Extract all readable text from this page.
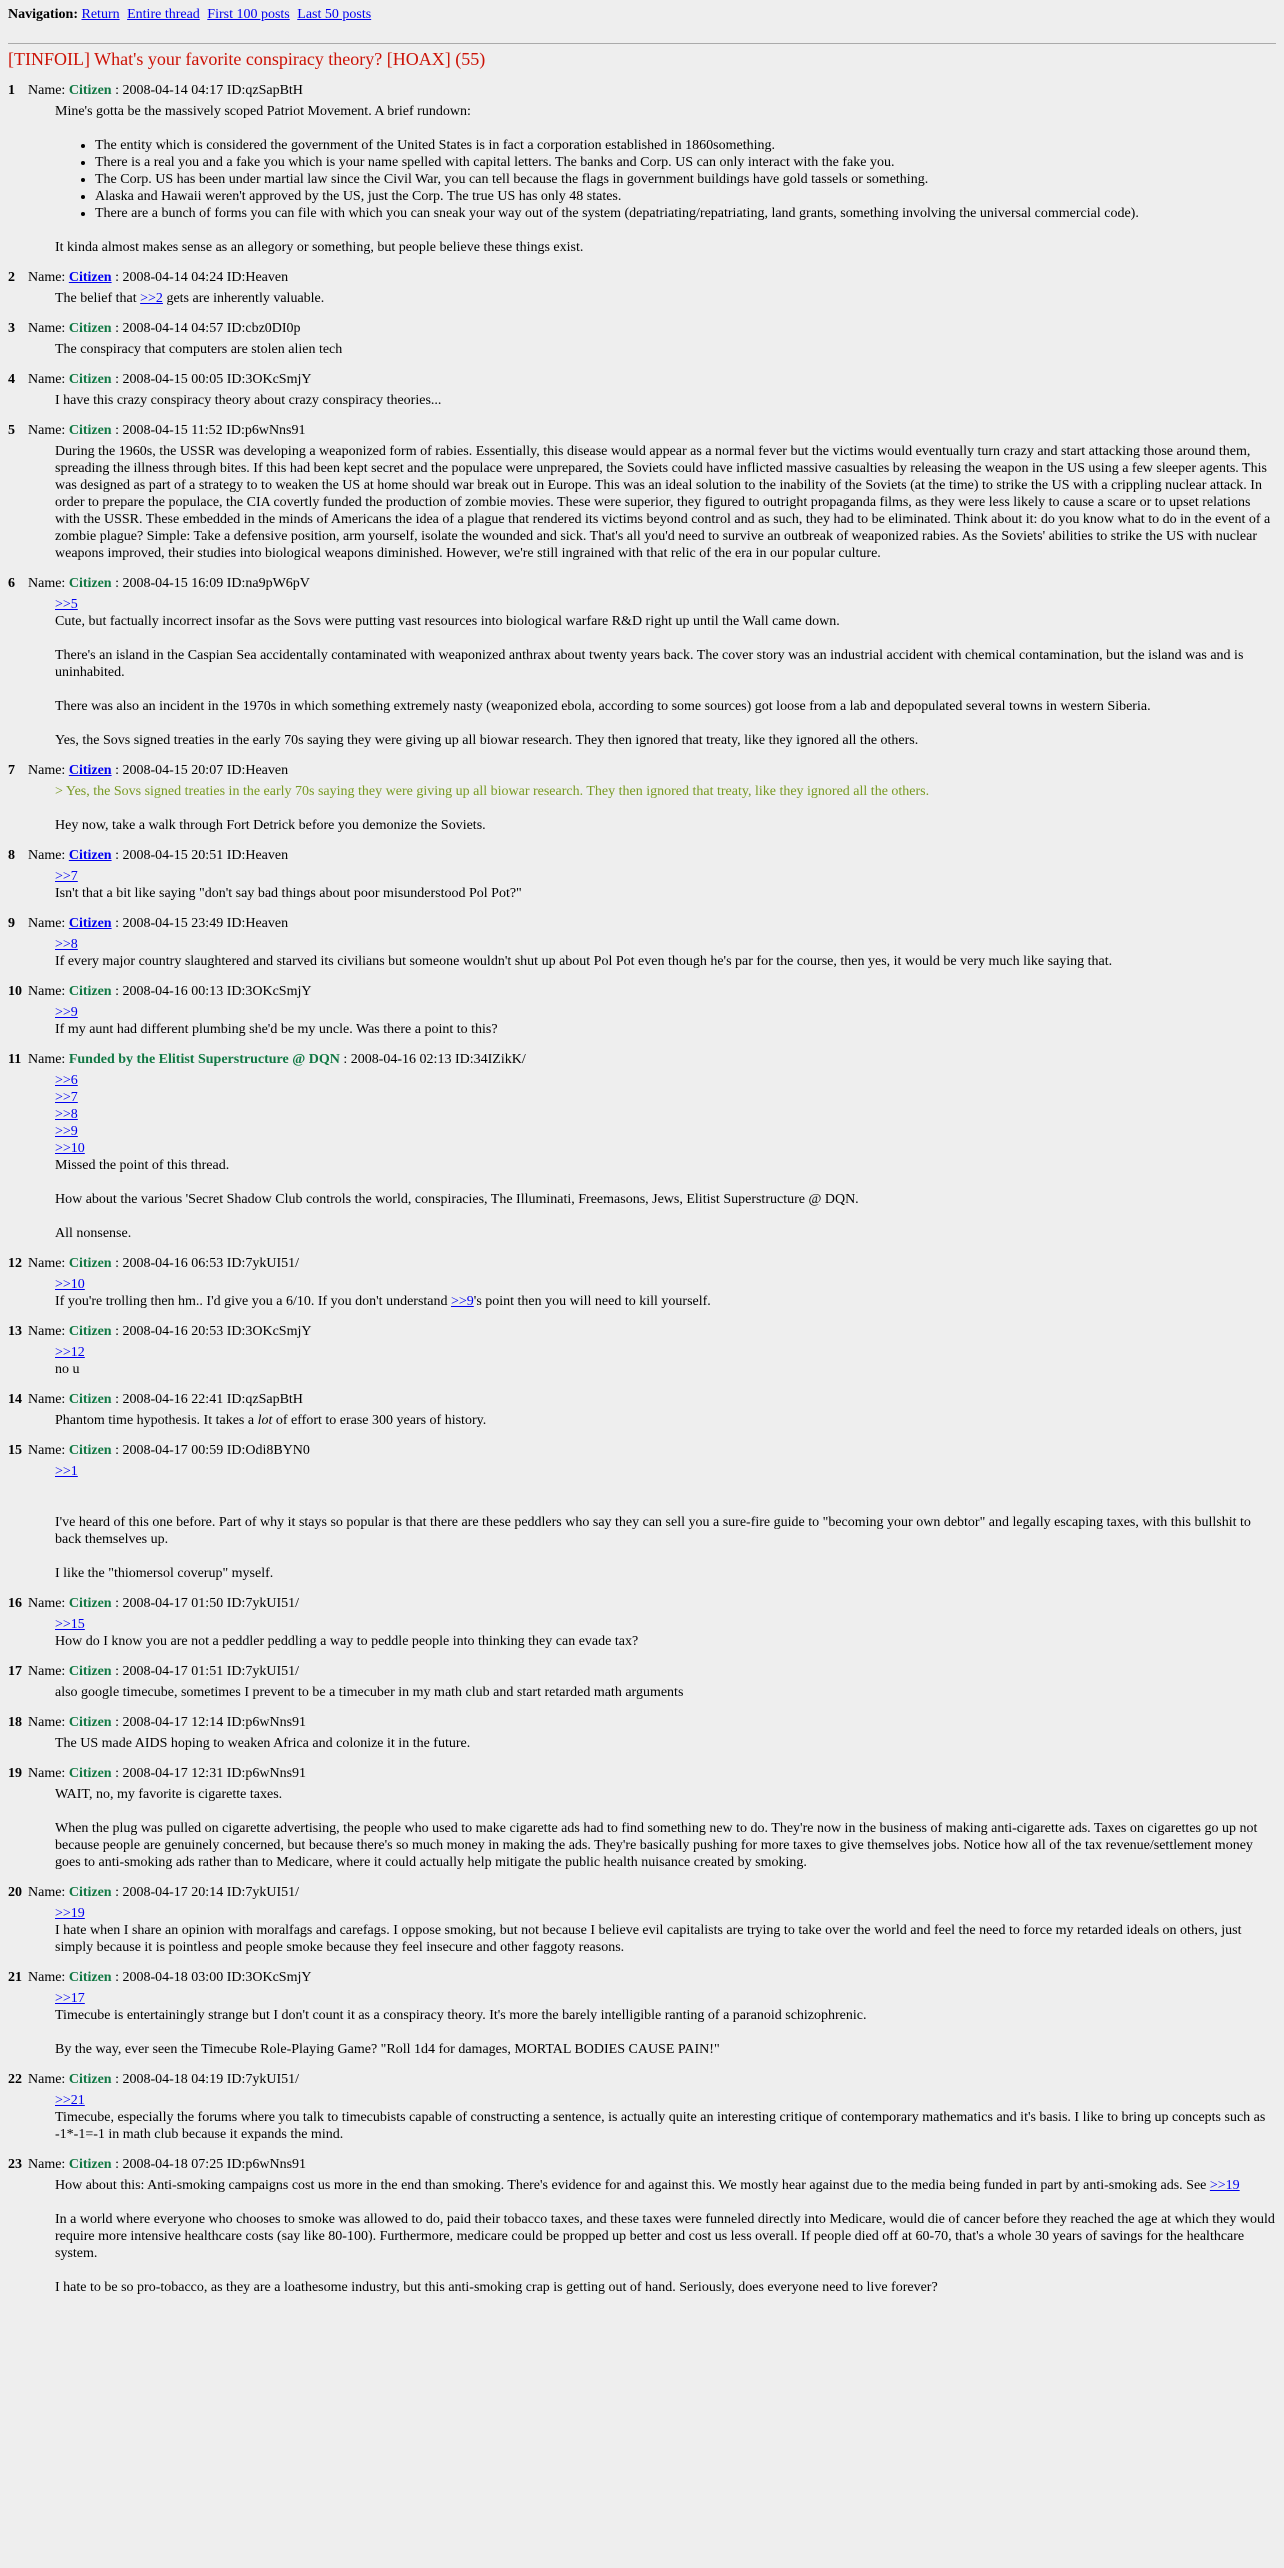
Navigation: Return Entire thread First 100 posts Last 50 posts
[TINFOIL] What's your favorite conspiracy theory? [HOAX] (55)
1 Name: Citizen : 2008-04-14 04:17 ID:qzSapBtH

Mine's gotta be the massively scoped Patriot Movement. A brief rundown:

• The entity which is considered the government of the United States is in fact a corporation established in 1860something.
• There is a real you and a fake you which is your name spelled with capital letters. The banks and Corp. US can only interact with the fake you.
• The Corp. US has been under martial law since the Civil War, you can tell because the flags in government buildings have gold tassels or something.
• Alaska and Hawaii weren't approved by the US, just the Corp. The true US has only 48 states.
• There are a bunch of forms you can file with which you can sneak your way out of the system (depatriating/repatriating, land grants, something involving the universal commercial code).

It kinda almost makes sense as an allegory or something, but people believe these things exist.

2 Name: Citizen : 2008-04-14 04:24 ID:Heaven

The belief that >>2 gets are inherently valuable.

3 Name: Citizen : 2008-04-14 04:57 ID:cbz0DI0p

The conspiracy that computers are stolen alien tech

4 Name: Citizen : 2008-04-15 00:05 ID:3OKcSmjY

I have this crazy conspiracy theory about crazy conspiracy theories...

5 Name: Citizen : 2008-04-15 11:52 ID:p6wNns91

During the 1960s, the USSR was developing a weaponized form of rabies. Essentially, this disease would appear as a normal fever but the victims would eventually turn crazy and start attacking those around them, spreading the illness through bites. If this had been kept secret and the populace were unprepared, the Soviets could have inflicted massive casualties by releasing the weapon in the US using a few sleeper agents. This was designed as part of a strategy to to weaken the US at home should war break out in Europe. This was an ideal solution to the inability of the Soviets (at the time) to strike the US with a crippling nuclear attack. In order to prepare the populace, the CIA covertly funded the production of zombie movies. These were superior, they figured to outright propaganda films, as they were less likely to cause a scare or to upset relations with the USSR. These embedded in the minds of Americans the idea of a plague that rendered its victims beyond control and as such, they had to be eliminated. Think about it: do you know what to do in the event of a zombie plague? Simple: Take a defensive position, arm yourself, isolate the wounded and sick. That's all you'd need to survive an outbreak of weaponized rabies. As the Soviets' abilities to strike the US with nuclear weapons improved, their studies into biological weapons diminished. However, we're still ingrained with that relic of the era in our popular culture.

6 Name: Citizen : 2008-04-15 16:09 ID:na9pW6pV
>>5

Cute, but factually incorrect insofar as the Sovs were putting vast resources into biological warfare R&D right up until the Wall came down.

There's an island in the Caspian Sea accidentally contaminated with weaponized anthrax about twenty years back. The cover story was an industrial accident with chemical contamination, but the island was and is uninhabited.

There was also an incident in the 1970s in which something extremely nasty (weaponized ebola, according to some sources) got loose from a lab and depopulated several towns in western Siberia.

Yes, the Sovs signed treaties in the early 70s saying they were giving up all biowar research. They then ignored that treaty, like they ignored all the others.

7 Name: Citizen : 2008-04-15 20:07 ID:Heaven

> Yes, the Sovs signed treaties in the early 70s saying they were giving up all biowar research. They then ignored that treaty, like they ignored all the others.

Hey now, take a walk through Fort Detrick before you demonize the Soviets.

8 Name: Citizen : 2008-04-15 20:51 ID:Heaven
>>7

Isn't that a bit like saying "don't say bad things about poor misunderstood Pol Pot?"

9 Name: Citizen : 2008-04-15 23:49 ID:Heaven
>>8

If every major country slaughtered and starved its civilians but someone wouldn't shut up about Pol Pot even though he's par for the course, then yes, it would be very much like saying that.

10 Name: Citizen : 2008-04-16 00:13 ID:3OKcSmjY
>>9

If my aunt had different plumbing she'd be my uncle. Was there a point to this?

11 Name: Funded by the Elitist Superstructure @ DQN : 2008-04-16 02:13 ID:34IZikK/
>>6
>>7
>>8
>>9
>>10

Missed the point of this thread.

How about the various 'Secret Shadow Club controls the world, conspiracies, The Illuminati, Freemasons, Jews, Elitist Superstructure @ DQN.

All nonsense.

12 Name: Citizen : 2008-04-16 06:53 ID:7ykUI51/
>>10

If you're trolling then hm.. I'd give you a 6/10. If you don't understand >>9's point then you will need to kill yourself.

13 Name: Citizen : 2008-04-16 20:53 ID:3OKcSmjY
>>12

no u

14 Name: Citizen : 2008-04-16 22:41 ID:qzSapBtH

Phantom time hypothesis. It takes a lot of effort to erase 300 years of history.

15 Name: Citizen : 2008-04-17 00:59 ID:Odi8BYN0
>>1

I've heard of this one before. Part of why it stays so popular is that there are these peddlers who say they can sell you a sure-fire guide to "becoming your own debtor" and legally escaping taxes, with this bullshit to back themselves up.

I like the "thiomersol coverup" myself.

16 Name: Citizen : 2008-04-17 01:50 ID:7ykUI51/
>>15

How do I know you are not a peddler peddling a way to peddle people into thinking they can evade tax?

17 Name: Citizen : 2008-04-17 01:51 ID:7ykUI51/

also google timecube, sometimes I prevent to be a timecuber in my math club and start retarded math arguments

18 Name: Citizen : 2008-04-17 12:14 ID:p6wNns91

The US made AIDS hoping to weaken Africa and colonize it in the future.

19 Name: Citizen : 2008-04-17 12:31 ID:p6wNns91

WAIT, no, my favorite is cigarette taxes.

When the plug was pulled on cigarette advertising, the people who used to make cigarette ads had to find something new to do. They're now in the business of making anti-cigarette ads. Taxes on cigarettes go up not because people are genuinely concerned, but because there's so much money in making the ads. They're basically pushing for more taxes to give themselves jobs. Notice how all of the tax revenue/settlement money goes to anti-smoking ads rather than to Medicare, where it could actually help mitigate the public health nuisance created by smoking.

20 Name: Citizen : 2008-04-17 20:14 ID:7ykUI51/
>>19

I hate when I share an opinion with moralfags and carefags. I oppose smoking, but not because I believe evil capitalists are trying to take over the world and feel the need to force my retarded ideals on others, just simply because it is pointless and people smoke because they feel insecure and other faggoty reasons.

21 Name: Citizen : 2008-04-18 03:00 ID:3OKcSmjY
>>17

Timecube is entertainingly strange but I don't count it as a conspiracy theory. It's more the barely intelligible ranting of a paranoid schizophrenic.

By the way, ever seen the Timecube Role-Playing Game? "Roll 1d4 for damages, MORTAL BODIES CAUSE PAIN!"

22 Name: Citizen : 2008-04-18 04:19 ID:7ykUI51/
>>21

Timecube, especially the forums where you talk to timecubists capable of constructing a sentence, is actually quite an interesting critique of contemporary mathematics and it's basis. I like to bring up concepts such as -1*-1=-1 in math club because it expands the mind.

23 Name: Citizen : 2008-04-18 07:25 ID:p6wNns91

How about this: Anti-smoking campaigns cost us more in the end than smoking. There's evidence for and against this. We mostly hear against due to the media being funded in part by anti-smoking ads. See >>19

In a world where everyone who chooses to smoke was allowed to do, paid their tobacco taxes, and these taxes were funneled directly into Medicare, would die of cancer before they reached the age at which they would require more intensive healthcare costs (say like 80-100). Furthermore, medicare could be propped up better and cost us less overall. If people died off at 60-70, that's a whole 30 years of savings for the healthcare system.

I hate to be so pro-tobacco, as they are a loathesome industry, but this anti-smoking crap is getting out of hand. Seriously, does everyone need to live forever?
